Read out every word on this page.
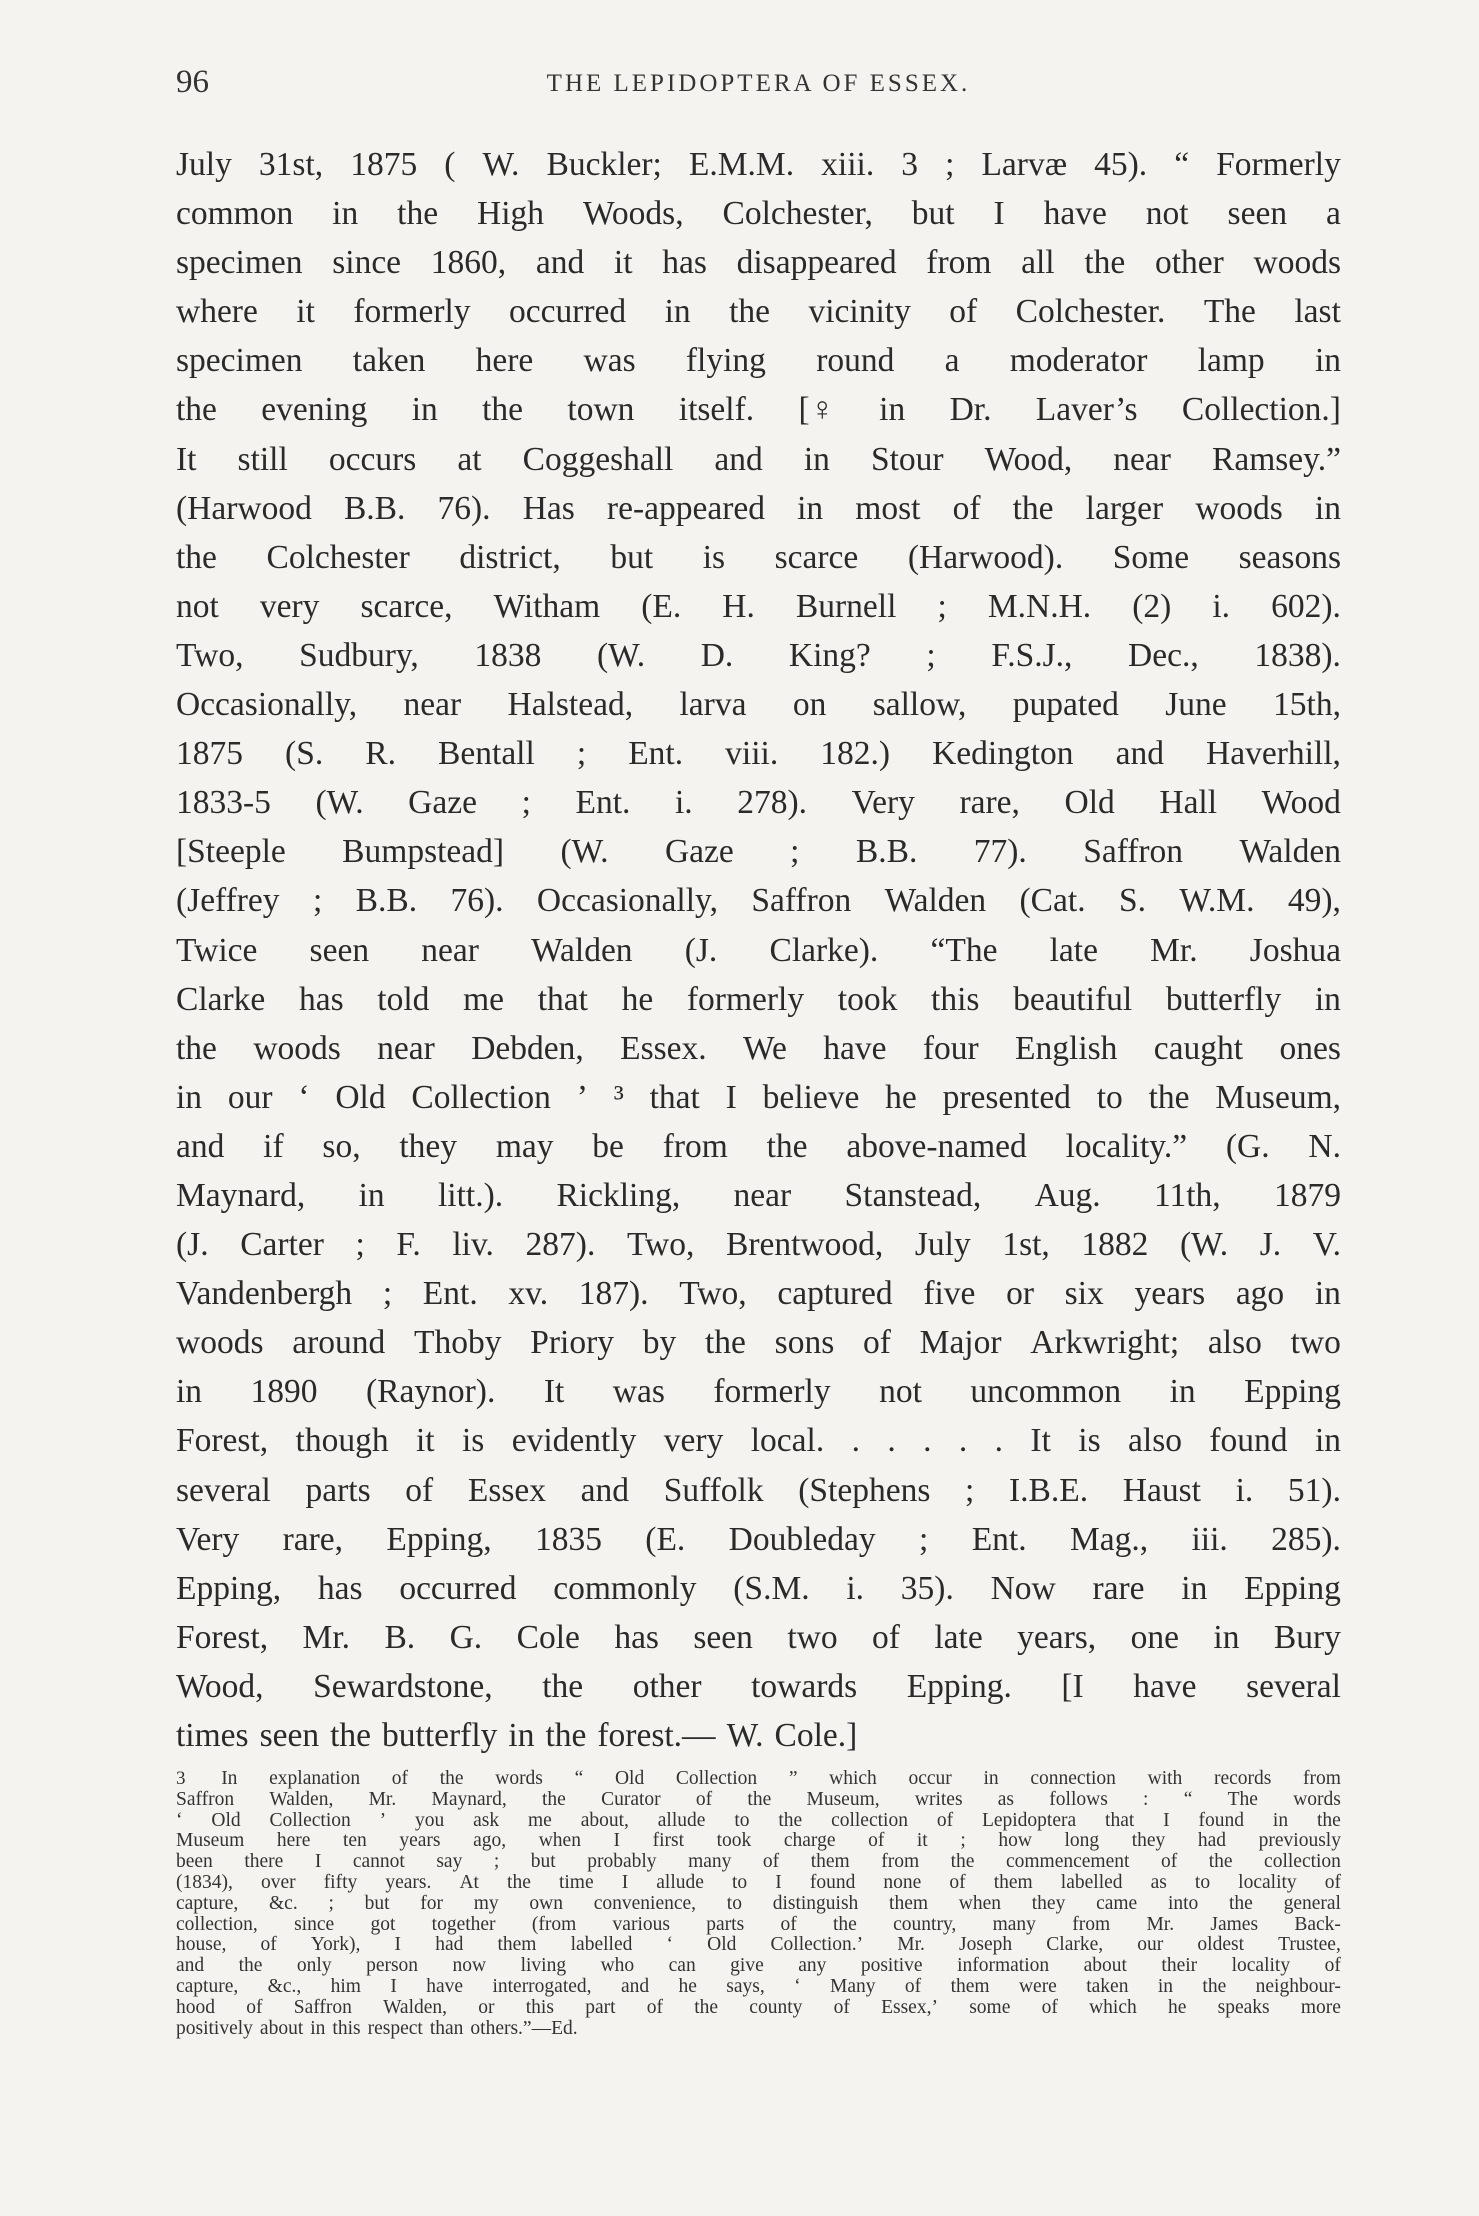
96	THE LEPIDOPTERA OF ESSEX.
July 31st, 1875 ( W. Buckler; E.M.M. xiii. 3 ; Larvæ 45). “ Formerly
common in the High Woods, Colchester, but I have not seen a
specimen since 1860, and it has disappeared from all the other woods
where it formerly occurred in the vicinity of Colchester. The last
specimen taken here was flying round a moderator lamp in
the evening in the town itself. [♀ in Dr. Laver’s Collection.]
It still occurs at Coggeshall and in Stour Wood, near Ramsey.”
(Harwood B.B. 76). Has re-appeared in most of the larger woods in
the Colchester district, but is scarce (Harwood). Some seasons
not very scarce, Witham (E. H. Burnell ; M.N.H. (2) i. 602).
Two, Sudbury, 1838 (W. D. King? ; F.S.J., Dec., 1838).
Occasionally, near Halstead, larva on sallow, pupated June 15th,
1875 (S. R. Bentall ; Ent. viii. 182.) Kedington and Haverhill,
1833-5 (W. Gaze ; Ent. i. 278). Very rare, Old Hall Wood
[Steeple Bumpstead] (W. Gaze ; B.B. 77). Saffron Walden
(Jeffrey ; B.B. 76). Occasionally, Saffron Walden (Cat. S. W.M. 49),
Twice seen near Walden (J. Clarke). “The late Mr. Joshua
Clarke has told me that he formerly took this beautiful butterfly in
the woods near Debden, Essex. We have four English caught ones
in our ‘ Old Collection ’ ³ that I believe he presented to the Museum,
and if so, they may be from the above-named locality.” (G. N.
Maynard, in litt.). Rickling, near Stanstead, Aug. 11th, 1879
(J. Carter ; F. liv. 287). Two, Brentwood, July 1st, 1882 (W. J. V.
Vandenbergh ; Ent. xv. 187). Two, captured five or six years ago in
woods around Thoby Priory by the sons of Major Arkwright; also two
in 1890 (Raynor). It was formerly not uncommon in Epping
Forest, though it is evidently very local. . . . . . It is also found in
several parts of Essex and Suffolk (Stephens ; I.B.E. Haust i. 51).
Very rare, Epping, 1835 (E. Doubleday ; Ent. Mag., iii. 285).
Epping, has occurred commonly (S.M. i. 35). Now rare in Epping
Forest, Mr. B. G. Cole has seen two of late years, one in Bury
Wood, Sewardstone, the other towards Epping. [I have several
times seen the butterfly in the forest.— W. Cole.]
3 In explanation of the words “ Old Collection ” which occur in connection with records from
Saffron Walden, Mr. Maynard, the Curator of the Museum, writes as follows : “ The words
‘ Old Collection ’ you ask me about, allude to the collection of Lepidoptera that I found in the
Museum here ten years ago, when I first took charge of it ; how long they had previously
been there I cannot say ; but probably many of them from the commencement of the collection
(1834), over fifty years. At the time I allude to I found none of them labelled as to locality of
capture, &c. ; but for my own convenience, to distinguish them when they came into the general
collection, since got together (from various parts of the country, many from Mr. James Back-
house, of York), I had them labelled ‘ Old Collection.’ Mr. Joseph Clarke, our oldest Trustee,
and the only person now living who can give any positive information about their locality of
capture, &c., him I have interrogated, and he says, ‘ Many of them were taken in the neighbour-
hood of Saffron Walden, or this part of the county of Essex,’ some of which he speaks more
positively about in this respect than others.”—Ed.
